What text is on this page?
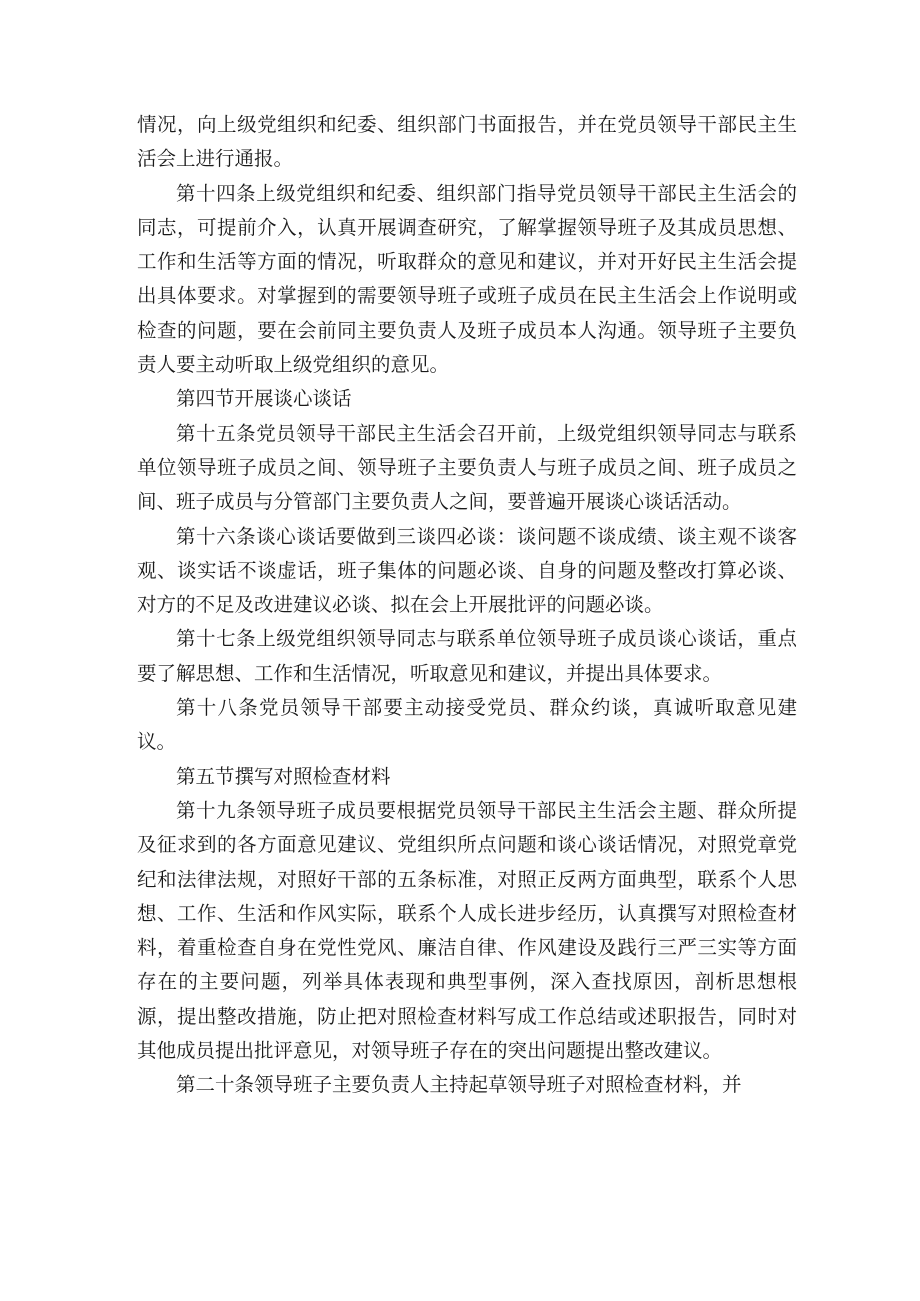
情况，向上级党组织和纪委、组织部门书面报告，并在党员领导干部民主生活会上进行通报。

第十四条上级党组织和纪委、组织部门指导党员领导干部民主生活会的同志，可提前介入，认真开展调查研究，了解掌握领导班子及其成员思想、工作和生活等方面的情况，听取群众的意见和建议，并对开好民主生活会提出具体要求。对掌握到的需要领导班子或班子成员在民主生活会上作说明或检查的问题，要在会前同主要负责人及班子成员本人沟通。领导班子主要负责人要主动听取上级党组织的意见。

第四节开展谈心谈话

第十五条党员领导干部民主生活会召开前，上级党组织领导同志与联系单位领导班子成员之间、领导班子主要负责人与班子成员之间、班子成员之间、班子成员与分管部门主要负责人之间，要普遍开展谈心谈话活动。

第十六条谈心谈话要做到三谈四必谈：谈问题不谈成绩、谈主观不谈客观、谈实话不谈虚话，班子集体的问题必谈、自身的问题及整改打算必谈、对方的不足及改进建议必谈、拟在会上开展批评的问题必谈。

第十七条上级党组织领导同志与联系单位领导班子成员谈心谈话，重点要了解思想、工作和生活情况，听取意见和建议，并提出具体要求。

第十八条党员领导干部要主动接受党员、群众约谈，真诚听取意见建议。

第五节撰写对照检查材料

第十九条领导班子成员要根据党员领导干部民主生活会主题、群众所提及征求到的各方面意见建议、党组织所点问题和谈心谈话情况，对照党章党纪和法律法规，对照好干部的五条标准，对照正反两方面典型，联系个人思想、工作、生活和作风实际，联系个人成长进步经历，认真撰写对照检查材料，着重检查自身在党性党风、廉洁自律、作风建设及践行三严三实等方面存在的主要问题，列举具体表现和典型事例，深入查找原因，剖析思想根源，提出整改措施，防止把对照检查材料写成工作总结或述职报告，同时对其他成员提出批评意见，对领导班子存在的突出问题提出整改建议。

第二十条领导班子主要负责人主持起草领导班子对照检查材料，并
